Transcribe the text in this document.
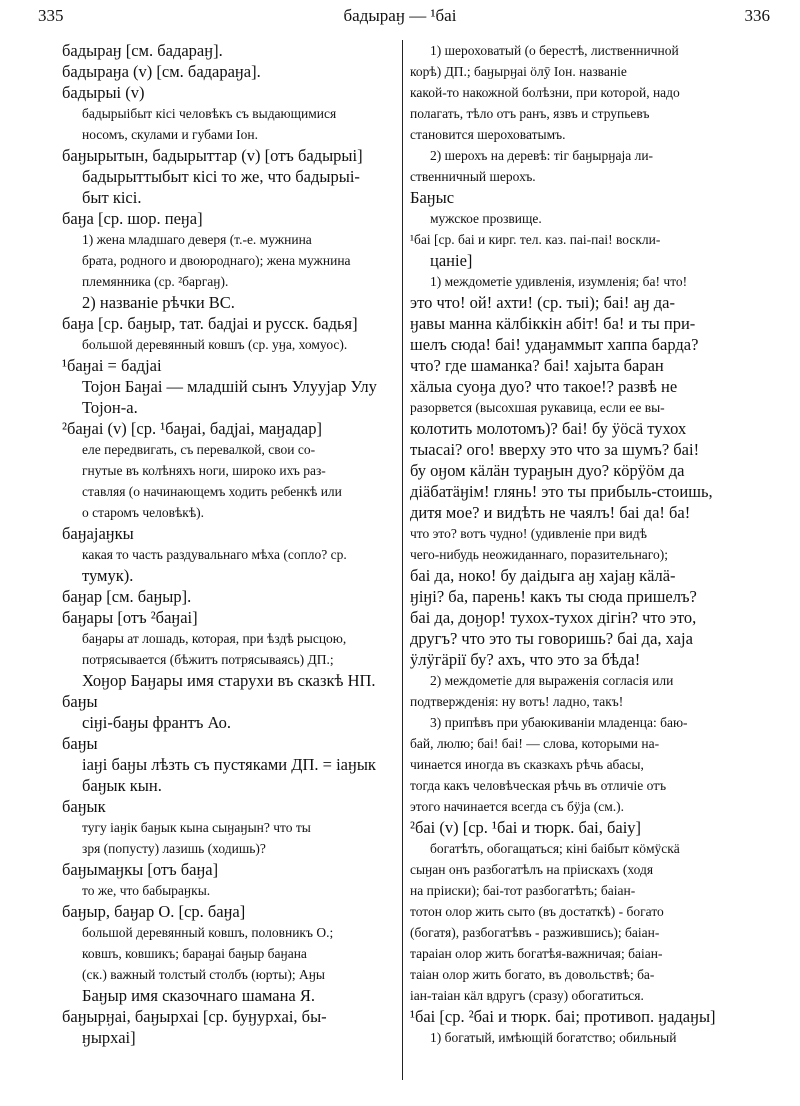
335	бадыраӈ — ¹баі	336
бадыраӈ [см. бадараӈ].
бадыраӈа (v) [см. бадараӈа].
бадырыі (v)
бадырыібыт кісі человѣкъ съ выдающимися
носомъ, скулами и губами Іон.
баӈырытын, бадырыттар (v) [отъ бадырыі]
бадырыттыбыт кісі то же, что бадырыі-
быт кісі.
баӈа [ср. шор. пеӈа]
1) жена младшаго деверя (т.-е. мужнина
брата, родного и двоюроднаго); жена мужнина
племянника (ср. ²баргаӈ).
2) названіе рѣчки ВС.
баӈа [ср. баӈыр, тат. бадјаі и русск. бадья]
большой деревянный ковшъ (ср. уӈа, хомуос).
¹баӈаі = бадјаі
Тојон Баӈаі — младшій сынъ Улуујар Улу
Тојон-а.
²баӈаі (v) [ср. ¹баӈаі, бадјаі, маӈадар]
еле передвигать, съ перевалкой, свои со-
гнутые въ колѣняхъ ноги, широко ихъ раз-
ставляя (о начинающемъ ходить ребенкѣ или
о старомъ человѣкѣ).
баӈајаӈкы
какая то часть раздувальнаго мѣха (сопло? ср.
тумук).
баӈар [см. баӈыр].
баӈары [отъ ²баӈаі]
баӈары ат лошадь, которая, при ѣздѣ рысцою,
потрясывается (бѣжитъ потрясываясь) ДП.;
Хоӈор Баӈары имя старухи въ сказкѣ НП.
баӈы
сіӈі-баӈы франтъ Ао.
баӈы
іаӈі баӈы лѣзть съ пустяками ДП. = іаӈык
баӈык кын.
баӈык
тугу іаӈік баӈык кына сыӈаӈын? что ты
зря (попусту) лазишь (ходишь)?
баӈымаӈкы [отъ баӈа]
то же, что бабыраӈкы.
баӈыр, баӈар О. [ср. баӈа]
большой деревянный ковшъ, половникъ О.;
ковшъ, ковшикъ; бараӈаі баӈыр баӈана
(ск.) важный толстый столбъ (юрты); Аӈы
Баӈыр имя сказочнаго шамана Я.
баӈырӈаі, баӈырхаі [ср. буӈурхаі, бы-
ӈырхаі]
1) шероховатый (о берестѣ, лиственничной
корѣ) ДП.; баӈырӈаі ӧлӯ Іон. названіе
какой-то накожной болѣзни, при которой, надо
полагать, тѣло отъ ранъ, язвъ и струпьевъ
становится шероховатымъ.
2) шерохъ на деревѣ: тіг баӈырӈаја ли-
ственничный шерохъ.
Баӈыс
мужское прозвище.
¹баі [ср. баі и кирг. тел. каз. паі-паі! воскли-
цаніе]
1) междометіе удивленія, изумленія; ба! что!
это что! ой! ахти! (ср. тыі); баі! аӈ да-
ӈавы манна кӓлбіккін абіт! ба! и ты при-
шелъ сюда! баі! удаӈаммыт хаппа барда?
что? где шаманка? баі! хајыта баран
хӓлыа суоӈа дуо? что такое!? развѣ не
разорвется (высохшая рукавица, если ее вы-
колотить молотомъ)? баі! бу ӱӧсӓ тухох
тыасаі? ого! вверху это что за шумъ? баі!
бу оӈом кӓлӓн тураӈын дуо? кӧрӱӧм да
діӓбатӓӈім! глянь! это ты прибыль-стоишь,
дитя мое? и видѣть не чаялъ! баі да! ба!
что это? вотъ чудно! (удивленіе при видѣ
чего-нибудь неожиданнаго, поразительнаго);
баі да, ноко! бу даідыга аӈ хајаӈ кӓлӓ-
ӈіӈі? ба, парень! какъ ты сюда пришелъ?
баі да, доӈор! тухох-тухох дігін? что это,
другъ? что это ты говоришь? баі да, хаја
ӱлӱгӓрії бу? ахъ, что это за бѣда!
2) междометіе для выраженія согласія или
подтвержденія: ну вотъ! ладно, такъ!
3) припѣвъ при убаюкиваніи младенца: баю-
бай, люлю; баі! баі! — слова, которыми на-
чинается иногда въ сказкахъ рѣчь абасы,
тогда какъ человѣческая рѣчь въ отличіе отъ
этого начинается всегда съ бӱја (см.).
²баі (v) [ср. ¹баі и тюрк. баі, баіу]
богатѣть, обогащаться; кіні баібыт кӧмӱскӓ
сыӈан онъ разбогатѣлъ на пріискахъ (ходя
на пріиски); баі-тот разбогатѣть; баіан-
тотон олор жить сыто (въ достаткѣ) - богато
(богатя), разбогатѣвъ - разжившись); баіан-
тараіан олор жить богатѣя-важничая; баіан-
таіан олор жить богато, въ довольствѣ; ба-
іан-таіан кӓл вдругъ (сразу) обогатиться.
¹баі [ср. ²баі и тюрк. баі; противоп. ӈадаӈы]
1) богатый, имѣющій богатство; обильный
